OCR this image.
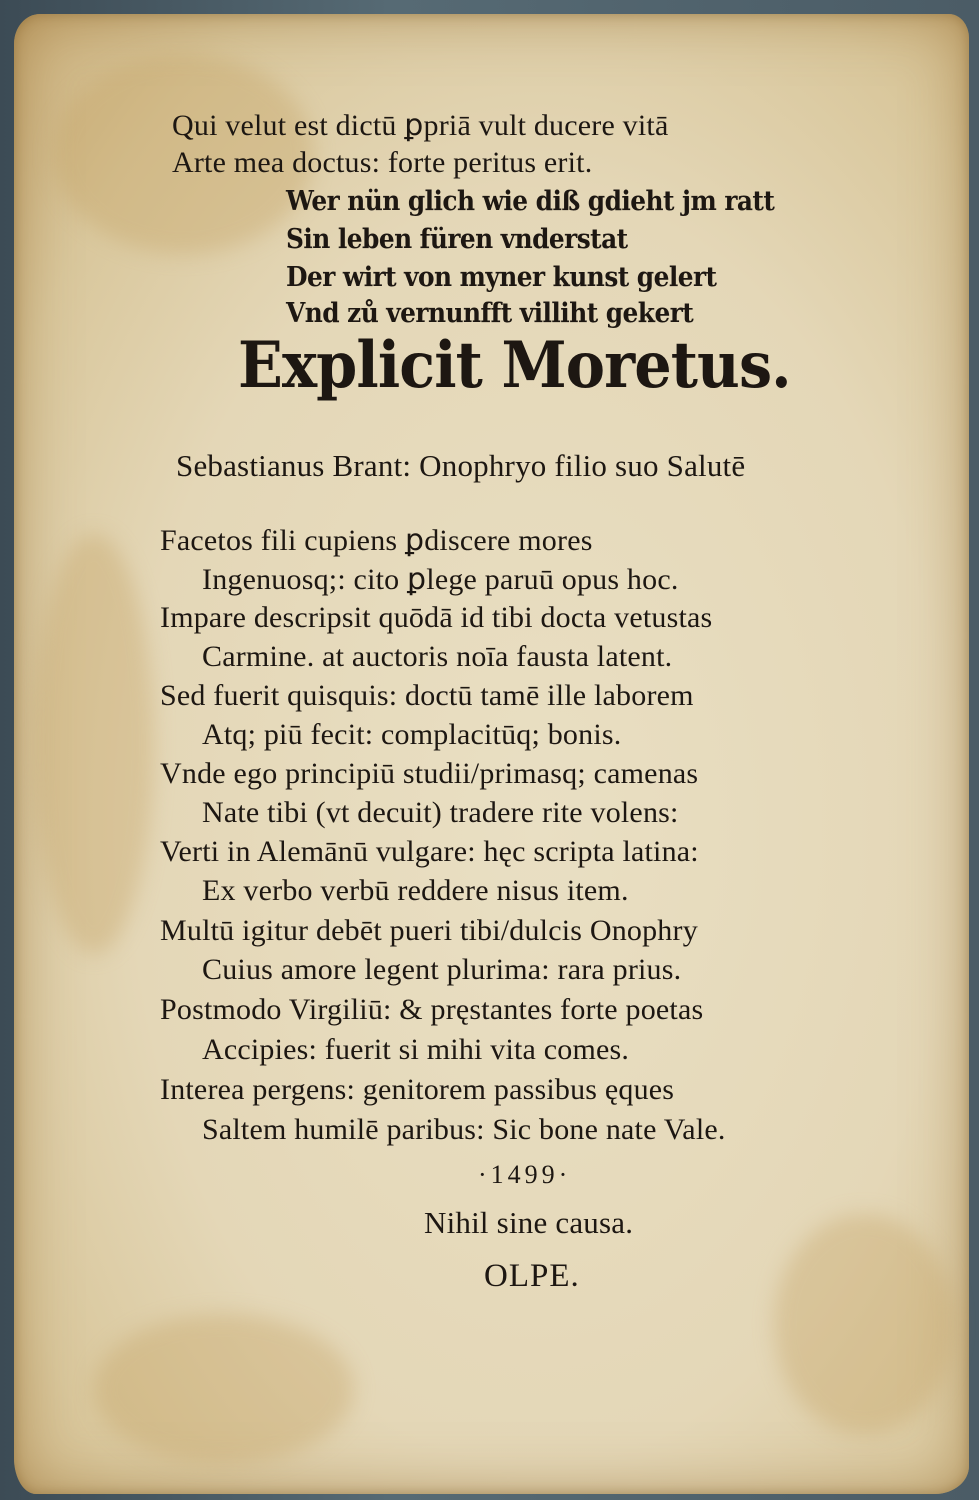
Qui velut est dictū ꝑpriā vult ducere vitā
Arte mea doctus: forte peritus erit.
Wer nün glich wie diß gdieht jm ratt
Sin leben füren vnderstat
Der wirt von myner kunst gelert
Vnd zů vernunfft villiht gekert
Explicit Moretus.
Sebastianus Brant: Onophryo filio suo Salutē
Facetos fili cupiens ꝑdiscere mores
Ingenuosq;: cito ꝑlege paruū opus hoc.
Impare descripsit quōdā id tibi docta vetustas
Carmine. at auctoris noīa fausta latent.
Sed fuerit quisquis: doctū tamē ille laborem
Atq; piū fecit: complacitūq; bonis.
Vnde ego principiū studii/primasq; camenas
Nate tibi (vt decuit) tradere rite volens:
Verti in Alemānū vulgare: hęc scripta latina:
Ex verbo verbū reddere nisus item.
Multū igitur debēt pueri tibi/dulcis Onophry
Cuius amore legent plurima: rara prius.
Postmodo Virgiliū: & pręstantes forte poetas
Accipies: fuerit si mihi vita comes.
Interea pergens: genitorem passibus ęques
Saltem humilē paribus: Sic bone nate Vale.
·1499·
Nihil sine causa.
OLPE.
